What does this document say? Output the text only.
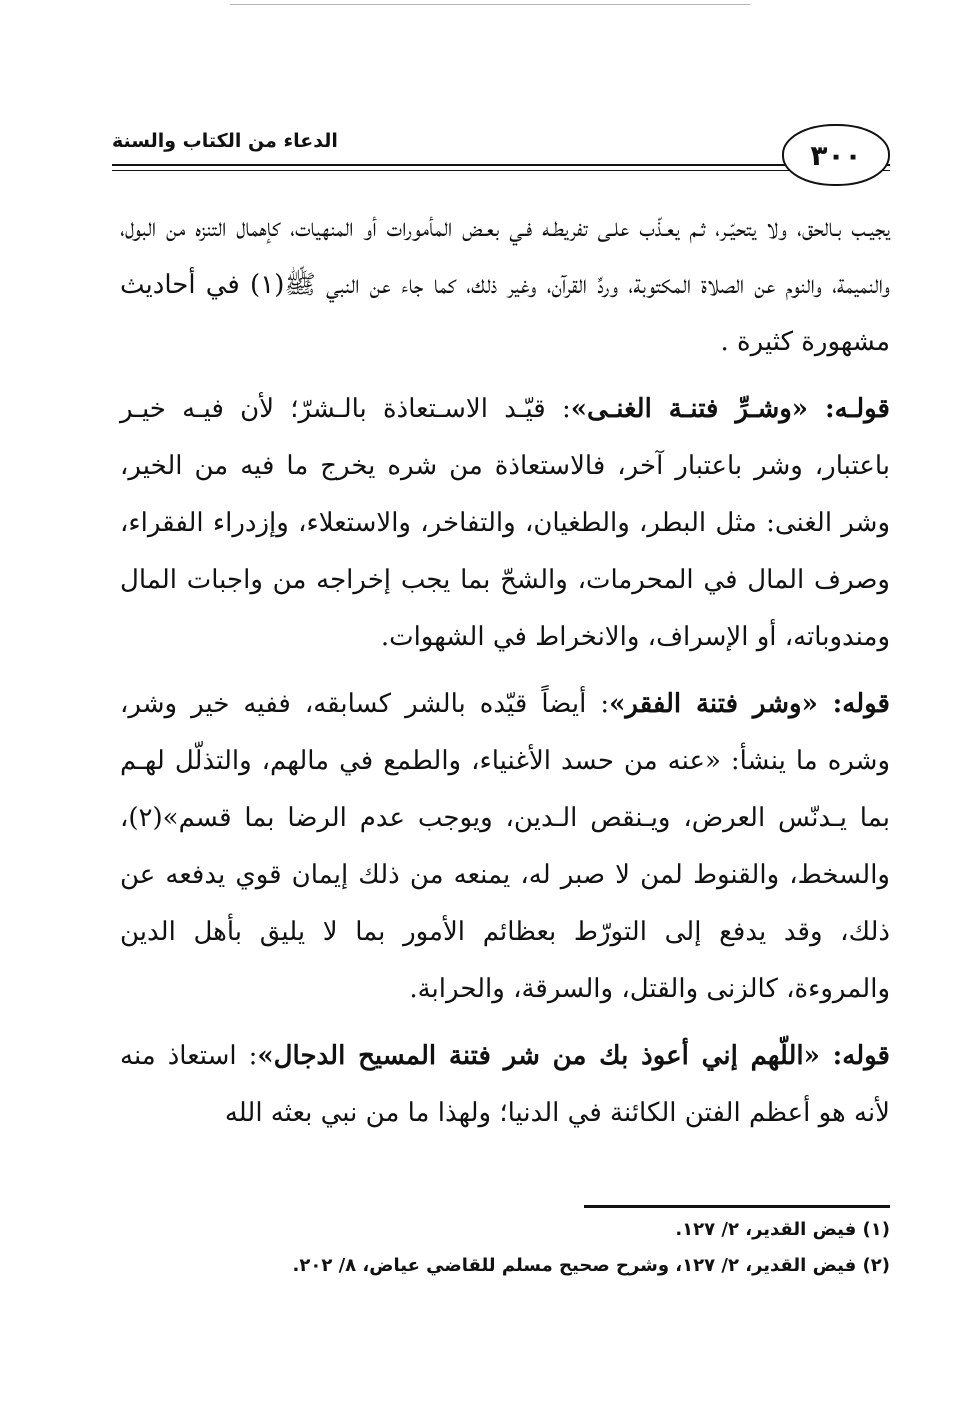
الدعاء من الكتاب والسنة	٣٠٠

يجيـب بـالحق، ولا يتحيّـر، ثـم يعـذّب علـى تفريطـه فـي بعـض المأمورات أو المنهيات، كإهمال التنزه من البول، والنميمة، والنوم عن الصلاة المكتوبة، وردِّ القرآن، وغير ذلك، كما جاء عن النبي ﷺ(١) في أحاديث مشهورة كثيرة .

قولـه: «وشـرِّ فتنـة الغنـى»: قيّـد الاسـتعاذة بالـشرّ؛ لأن فيـه خيـر باعتبار، وشر باعتبار آخر، فالاستعاذة من شره يخرج ما فيه من الخير، وشر الغنى: مثل البطر، والطغيان، والتفاخر، والاستعلاء، وإزدراء الفقراء، وصرف المال في المحرمات، والشحّ بما يجب إخراجه من واجبات المال ومندوباته، أو الإسراف، والانخراط في الشهوات.

قوله: «وشر فتنة الفقر»: أيضاً قيّده بالشر كسابقه، ففيه خير وشر، وشره ما ينشأ: «عنه من حسد الأغنياء، والطمع في مالهم، والتذلّل لهـم بما يـدنّس العرض، ويـنقص الـدين، ويوجب عدم الرضا بما قسم»(٢)، والسخط، والقنوط لمن لا صبر له، يمنعه من ذلك إيمان قوي يدفعه عن ذلك، وقد يدفع إلى التورّط بعظائم الأمور بما لا يليق بأهل الدين والمروءة، كالزنى والقتل، والسرقة، والحرابة.

قوله: «اللّهم إني أعوذ بك من شر فتنة المسيح الدجال»: استعاذ منه لأنه هو أعظم الفتن الكائنة في الدنيا؛ ولهذا ما من نبي بعثه الله

(١) فيض القدير، ٢/ ١٢٧.
(٢) فيض القدير، ٢/ ١٢٧، وشرح صحيح مسلم للقاضي عياض، ٨/ ٢٠٢.
